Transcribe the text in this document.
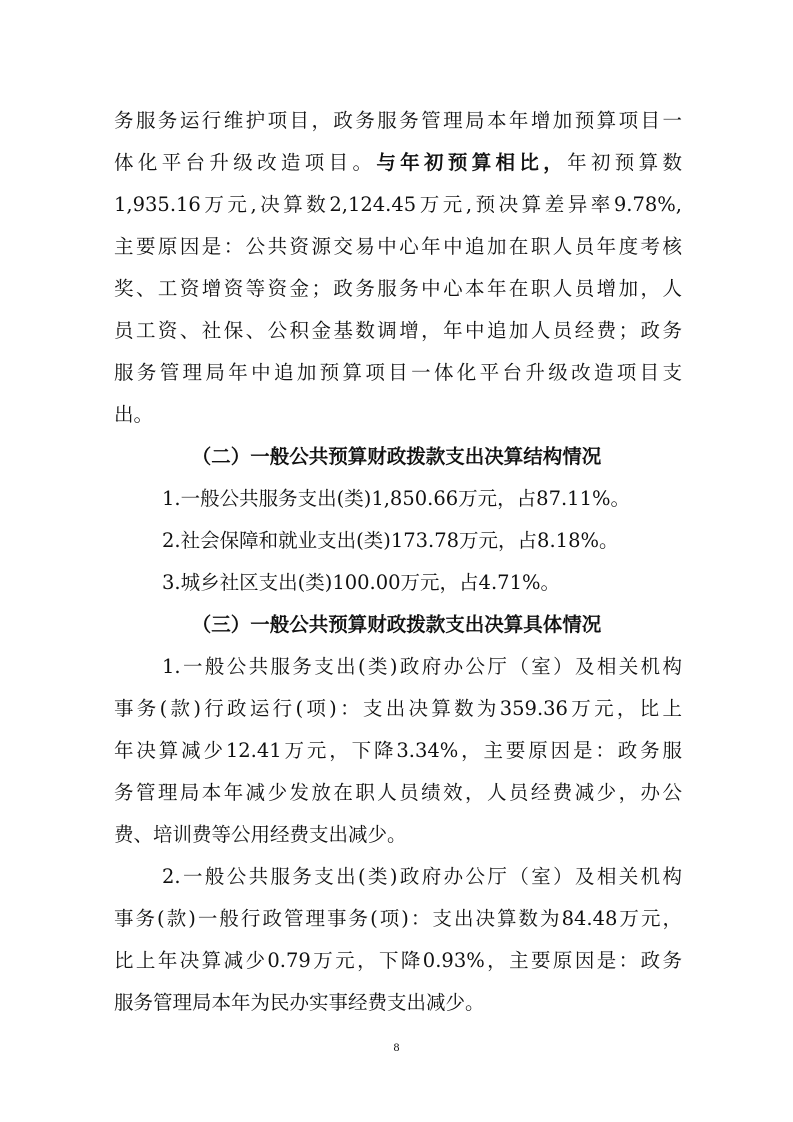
务服务运行维护项目，政务服务管理局本年增加预算项目一
体化平台升级改造项目。与年初预算相比，年初预算数
1,935.16万元,决算数2,124.45万元,预决算差异率9.78%,
主要原因是：公共资源交易中心年中追加在职人员年度考核
奖、工资增资等资金；政务服务中心本年在职人员增加，人
员工资、社保、公积金基数调增，年中追加人员经费；政务
服务管理局年中追加预算项目一体化平台升级改造项目支
出。
（二）一般公共预算财政拨款支出决算结构情况
1.一般公共服务支出(类)1,850.66万元，占87.11%。
2.社会保障和就业支出(类)173.78万元，占8.18%。
3.城乡社区支出(类)100.00万元，占4.71%。
（三）一般公共预算财政拨款支出决算具体情况
1.一般公共服务支出(类)政府办公厅（室）及相关机构
事务(款)行政运行(项)：支出决算数为359.36万元，比上
年决算减少12.41万元，下降3.34%，主要原因是：政务服
务管理局本年减少发放在职人员绩效，人员经费减少，办公
费、培训费等公用经费支出减少。
2.一般公共服务支出(类)政府办公厅（室）及相关机构
事务(款)一般行政管理事务(项)：支出决算数为84.48万元，
比上年决算减少0.79万元，下降0.93%，主要原因是：政务
服务管理局本年为民办实事经费支出减少。
8
